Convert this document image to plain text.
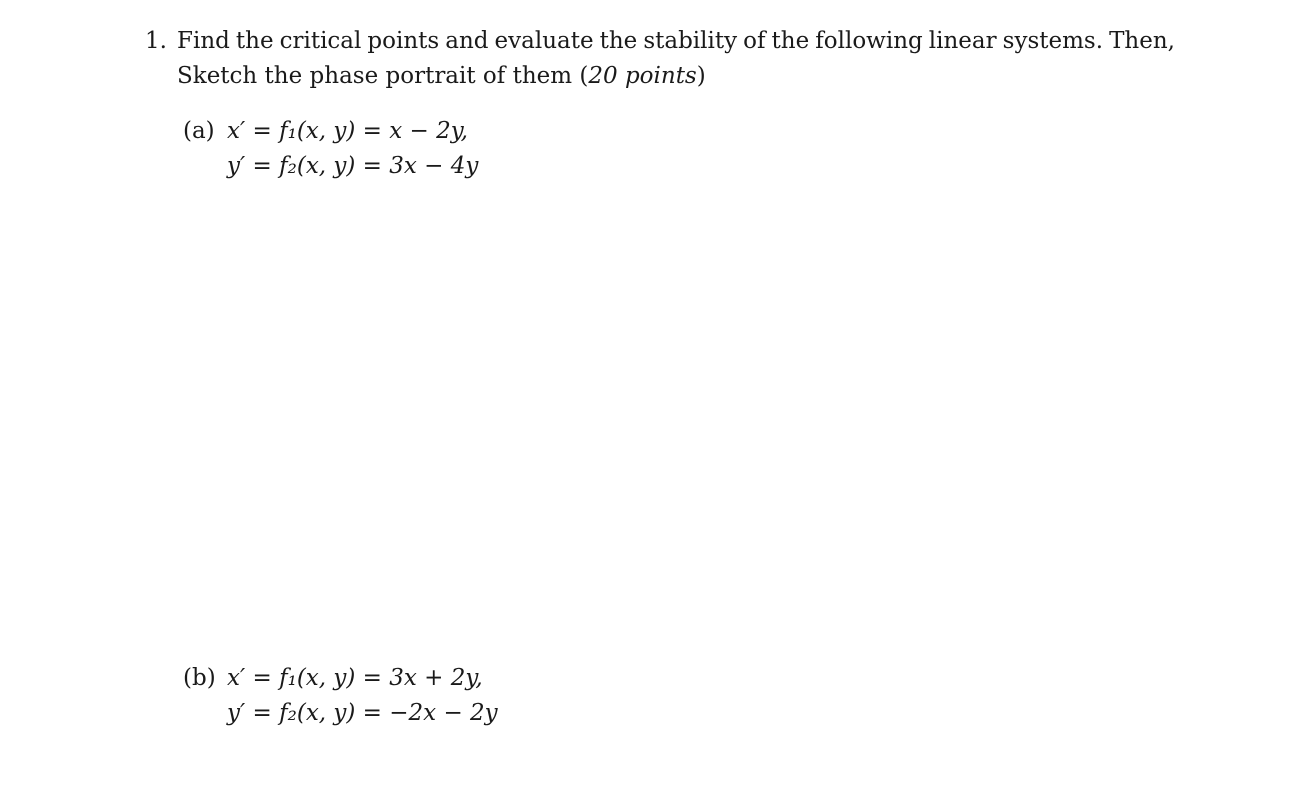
1. Find the critical points and evaluate the stability of the following linear systems. Then,
Sketch the phase portrait of them (20 points)
(a) x′ = f₁(x, y) = x − 2y,
y′ = f₂(x, y) = 3x − 4y
(b) x′ = f₁(x, y) = 3x + 2y,
y′ = f₂(x, y) = −2x − 2y
